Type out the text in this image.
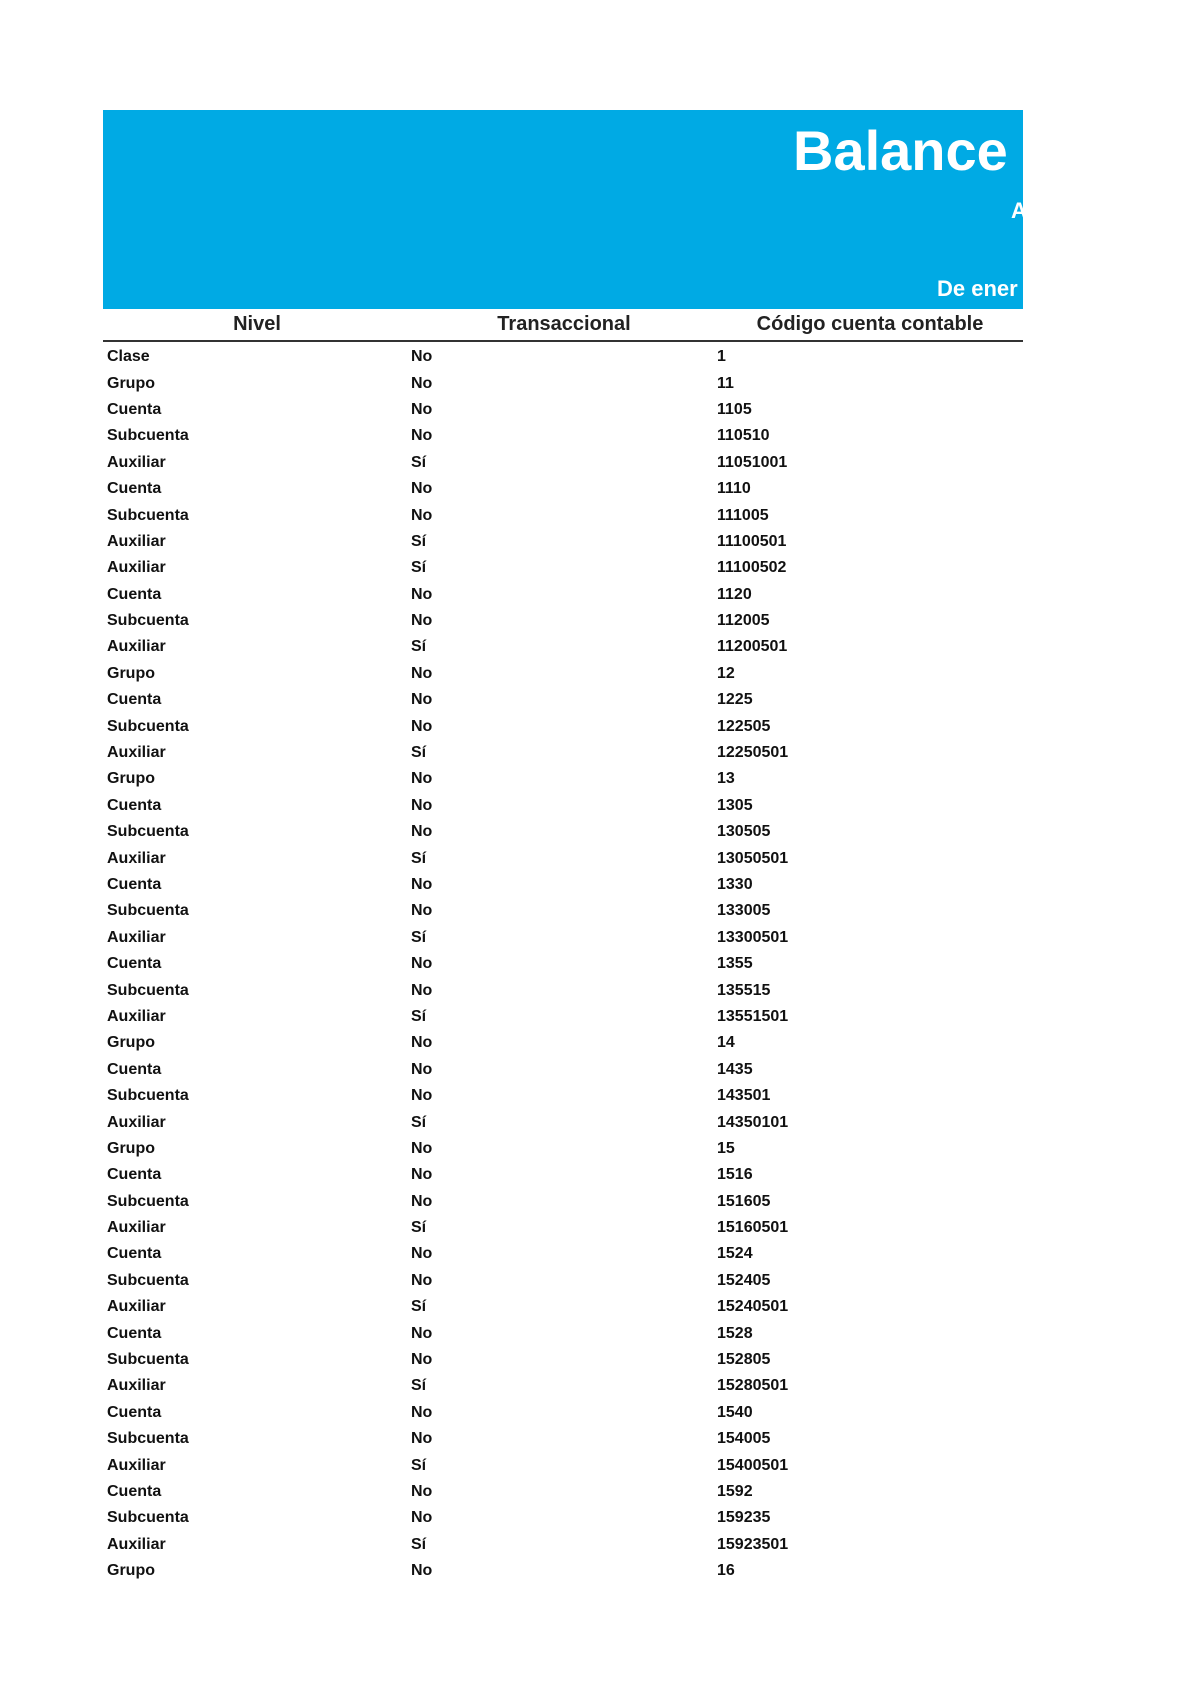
Balance c
A
De ener
Nivel	Transaccional	Código cuenta contable
Clase	No	1
Grupo	No	11
Cuenta	No	1105
Subcuenta	No	110510
Auxiliar	Sí	11051001
Cuenta	No	1110
Subcuenta	No	111005
Auxiliar	Sí	11100501
Auxiliar	Sí	11100502
Cuenta	No	1120
Subcuenta	No	112005
Auxiliar	Sí	11200501
Grupo	No	12
Cuenta	No	1225
Subcuenta	No	122505
Auxiliar	Sí	12250501
Grupo	No	13
Cuenta	No	1305
Subcuenta	No	130505
Auxiliar	Sí	13050501
Cuenta	No	1330
Subcuenta	No	133005
Auxiliar	Sí	13300501
Cuenta	No	1355
Subcuenta	No	135515
Auxiliar	Sí	13551501
Grupo	No	14
Cuenta	No	1435
Subcuenta	No	143501
Auxiliar	Sí	14350101
Grupo	No	15
Cuenta	No	1516
Subcuenta	No	151605
Auxiliar	Sí	15160501
Cuenta	No	1524
Subcuenta	No	152405
Auxiliar	Sí	15240501
Cuenta	No	1528
Subcuenta	No	152805
Auxiliar	Sí	15280501
Cuenta	No	1540
Subcuenta	No	154005
Auxiliar	Sí	15400501
Cuenta	No	1592
Subcuenta	No	159235
Auxiliar	Sí	15923501
Grupo	No	16
